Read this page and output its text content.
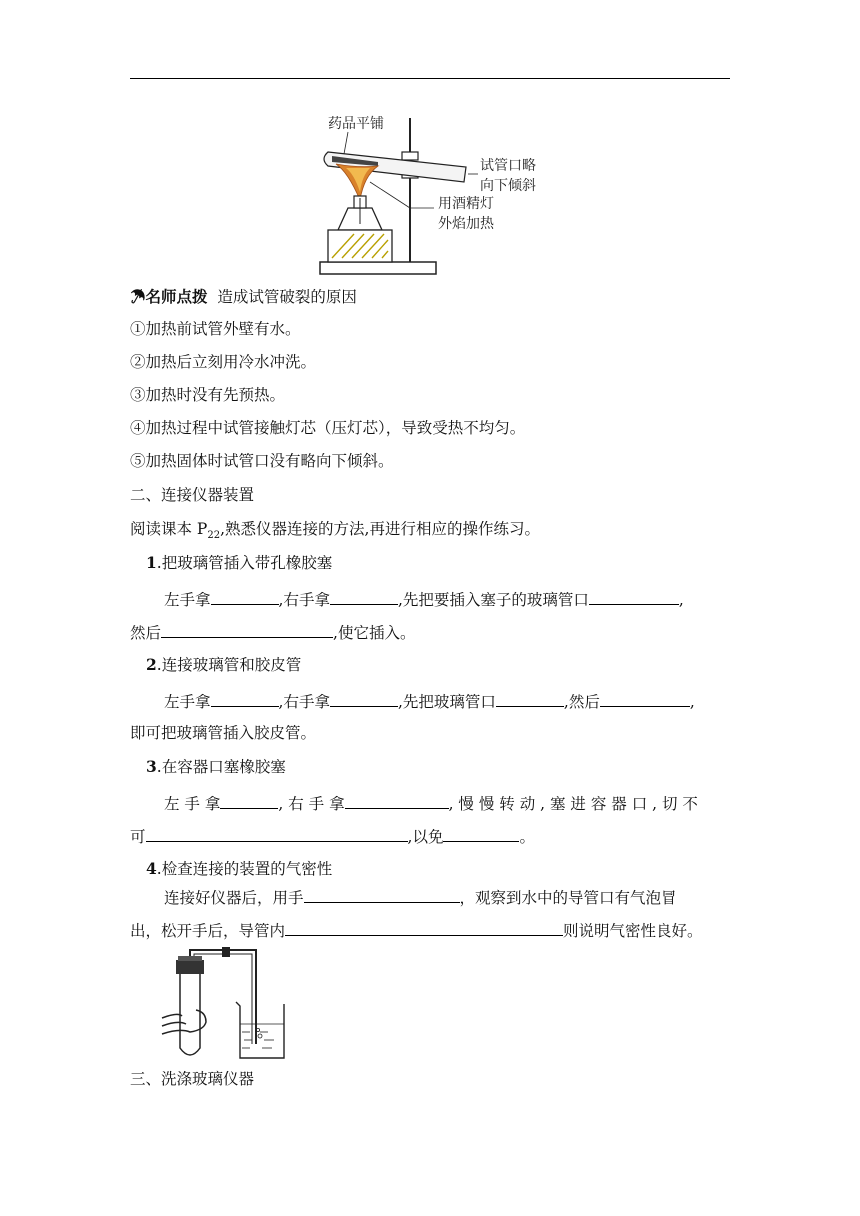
药品平铺
试管口略
向下倾斜
用酒精灯
外焰加热
☂名师点拨 造成试管破裂的原因
①加热前试管外壁有水。
②加热后立刻用冷水冲洗。
③加热时没有先预热。
④加热过程中试管接触灯芯（压灯芯），导致受热不均匀。
⑤加热固体时试管口没有略向下倾斜。
二、连接仪器装置
阅读课本 $P_{22}$,熟悉仪器连接的方法,再进行相应的操作练习。
1.把玻璃管插入带孔橡胶塞
左手拿	,右手拿	,先把要插入塞子的玻璃管口	,
然后	,使它插入。
2.连接玻璃管和胶皮管
左手拿	,右手拿	,先把玻璃管口	,然后	,
即可把玻璃管插入胶皮管。
3.在容器口塞橡胶塞
左 手 拿	, 右 手 拿	, 慢 慢 转 动 , 塞 进 容 器 口 , 切 不
可	,以免	。
4.检查连接的装置的气密性
连接好仪器后，用手	，观察到水中的导管口有气泡冒
出，松开手后，导管内	则说明气密性良好。
三、洗涤玻璃仪器
